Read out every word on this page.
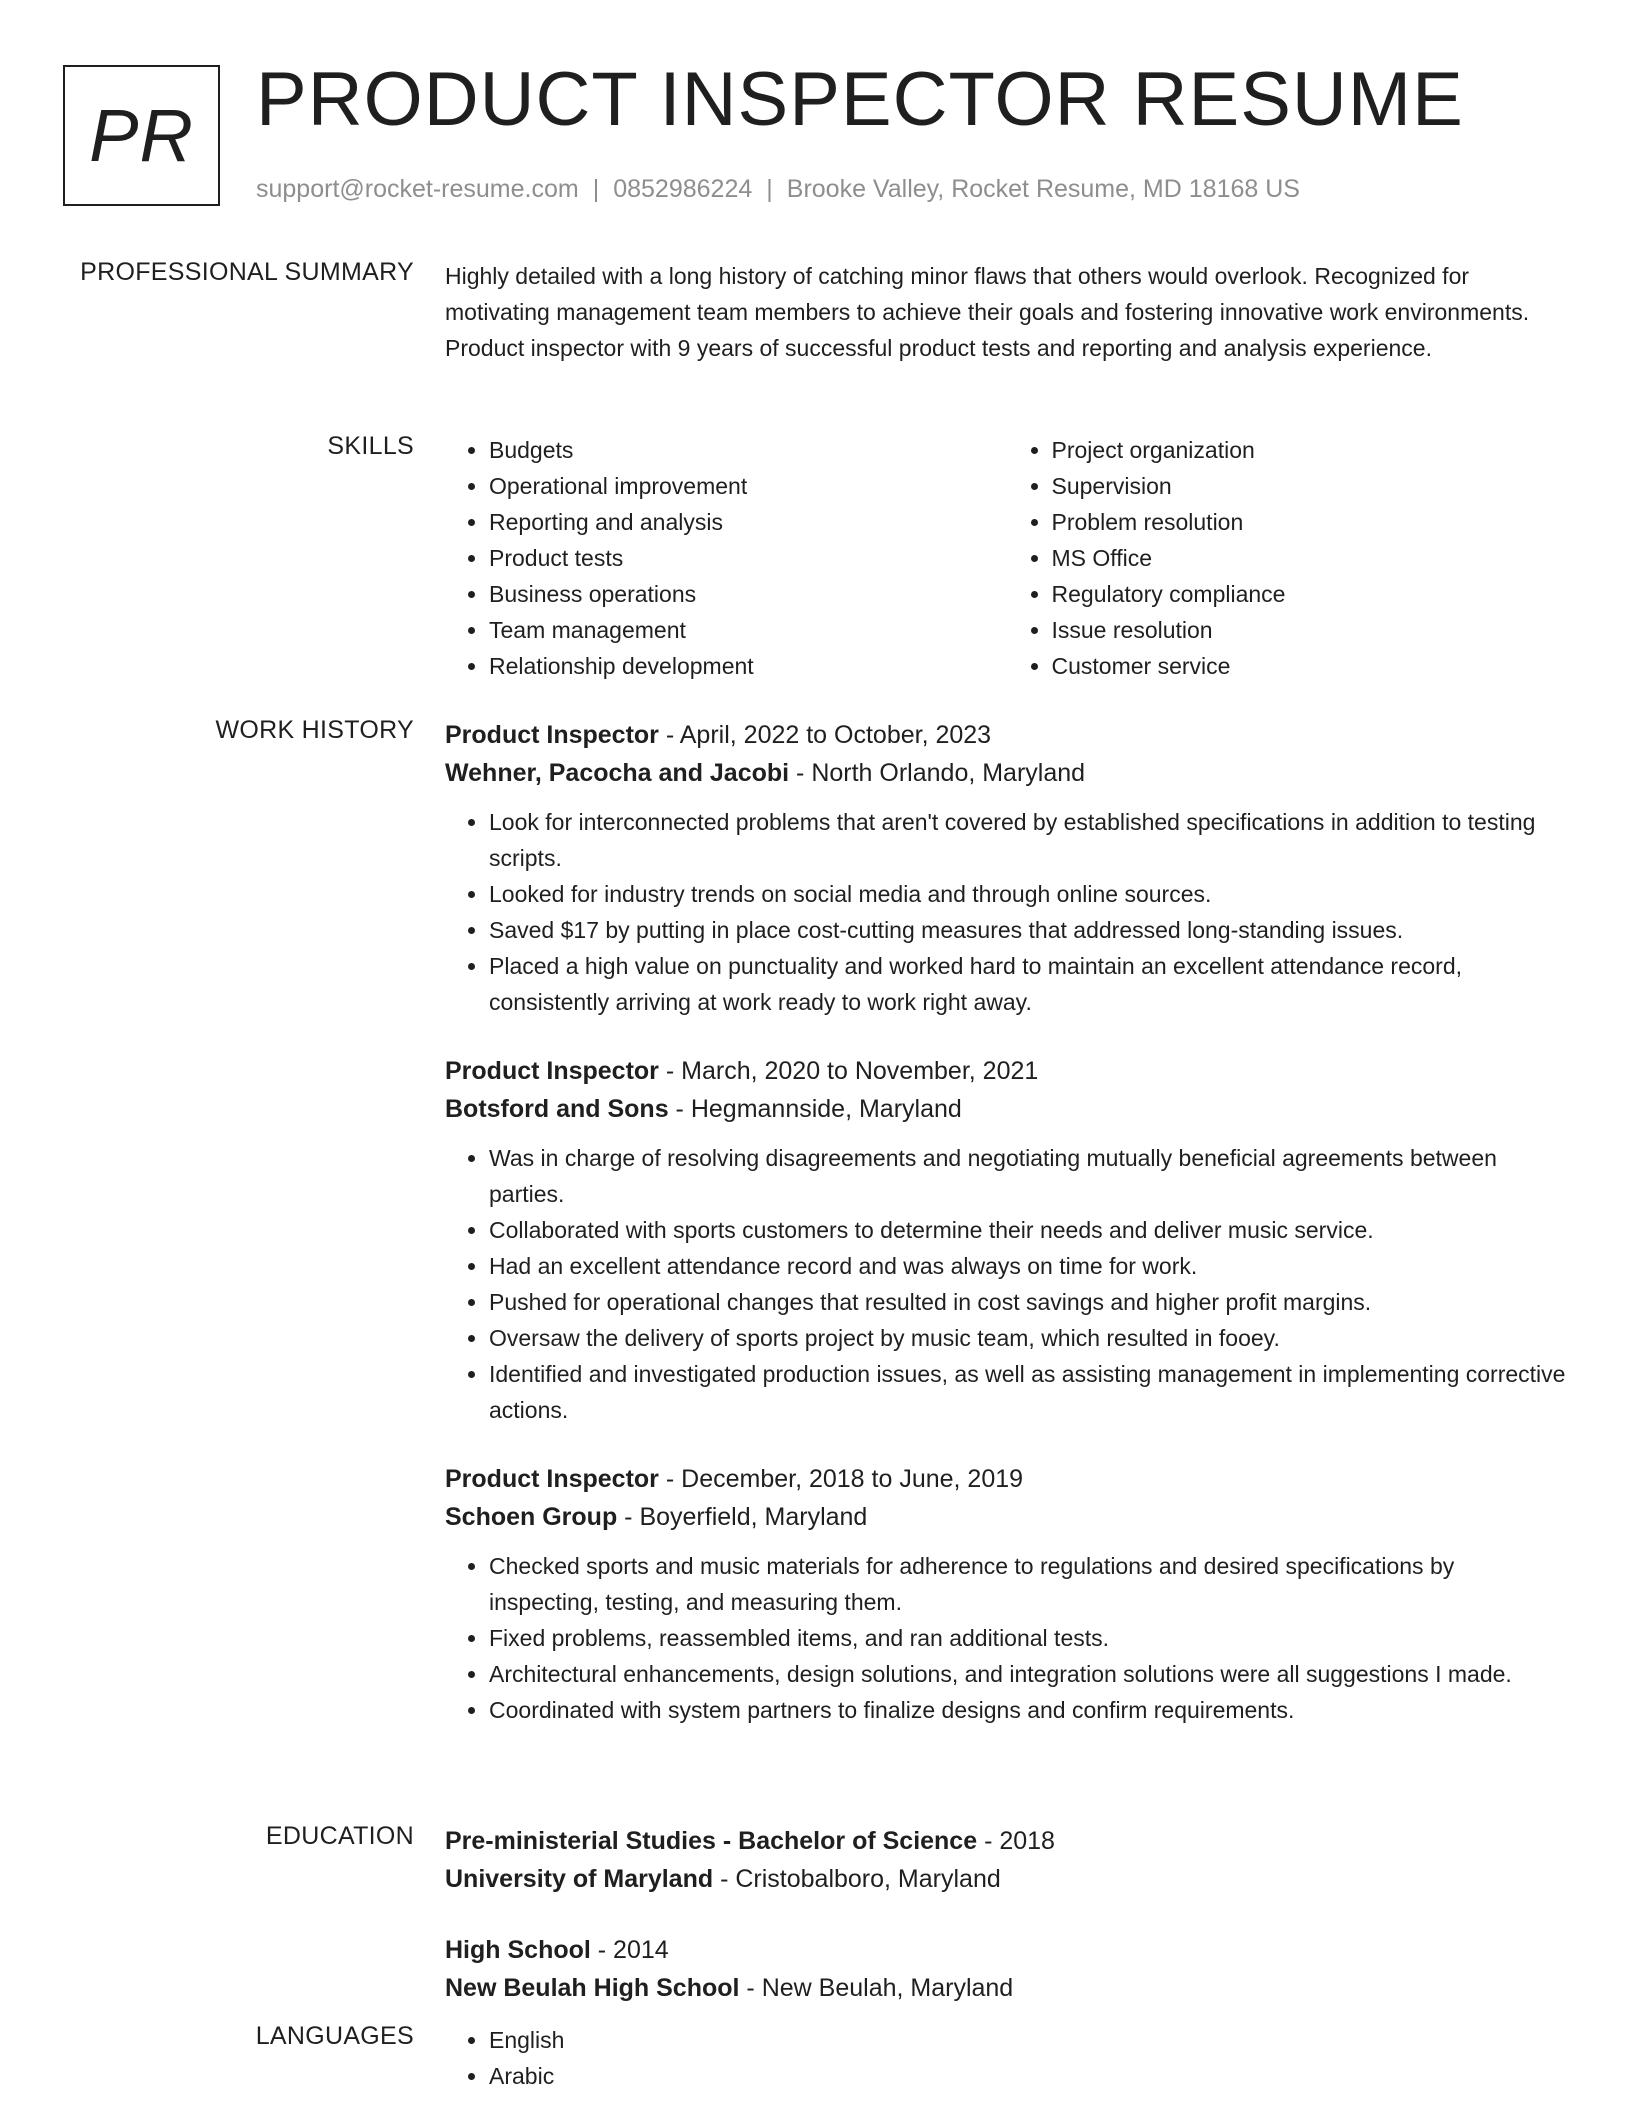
PR PRODUCT INSPECTOR RESUME
support@rocket-resume.com | 0852986224 | Brooke Valley, Rocket Resume, MD 18168 US
PROFESSIONAL SUMMARY Highly detailed with a long history of catching minor flaws that others would overlook. Recognized for motivating management team members to achieve their goals and fostering innovative work environments. Product inspector with 9 years of successful product tests and reporting and analysis experience.

SKILLS	• Budgets
• Operational improvement
• Reporting and analysis
• Product tests
• Business operations
• Team management
• Relationship development
• Project organization
• Supervision
• Problem resolution
• MS Office
• Regulatory compliance
• Issue resolution
• Customer service
WORK HISTORY Product Inspector - April, 2022 to October, 2023
Wehner, Pacocha and Jacobi - North Orlando, Maryland
• Look for interconnected problems that aren't covered by established specifications in addition to testing scripts.
• Looked for industry trends on social media and through online sources.
• Saved $17 by putting in place cost-cutting measures that addressed long-standing issues.
• Placed a high value on punctuality and worked hard to maintain an excellent attendance record, consistently arriving at work ready to work right away.
Product Inspector - March, 2020 to November, 2021
Botsford and Sons - Hegmannside, Maryland
• Was in charge of resolving disagreements and negotiating mutually beneficial agreements between parties.
• Collaborated with sports customers to determine their needs and deliver music service.
• Had an excellent attendance record and was always on time for work.
• Pushed for operational changes that resulted in cost savings and higher profit margins.
• Oversaw the delivery of sports project by music team, which resulted in fooey.
• Identified and investigated production issues, as well as assisting management in implementing corrective actions.
Product Inspector - December, 2018 to June, 2019
Schoen Group - Boyerfield, Maryland
• Checked sports and music materials for adherence to regulations and desired specifications by inspecting, testing, and measuring them.
• Fixed problems, reassembled items, and ran additional tests.
• Architectural enhancements, design solutions, and integration solutions were all suggestions I made.
• Coordinated with system partners to finalize designs and confirm requirements.
EDUCATION Pre-ministerial Studies - Bachelor of Science - 2018
University of Maryland - Cristobalboro, Maryland
High School - 2014
New Beulah High School - New Beulah, Maryland
LANGUAGES	• English
• Arabic
